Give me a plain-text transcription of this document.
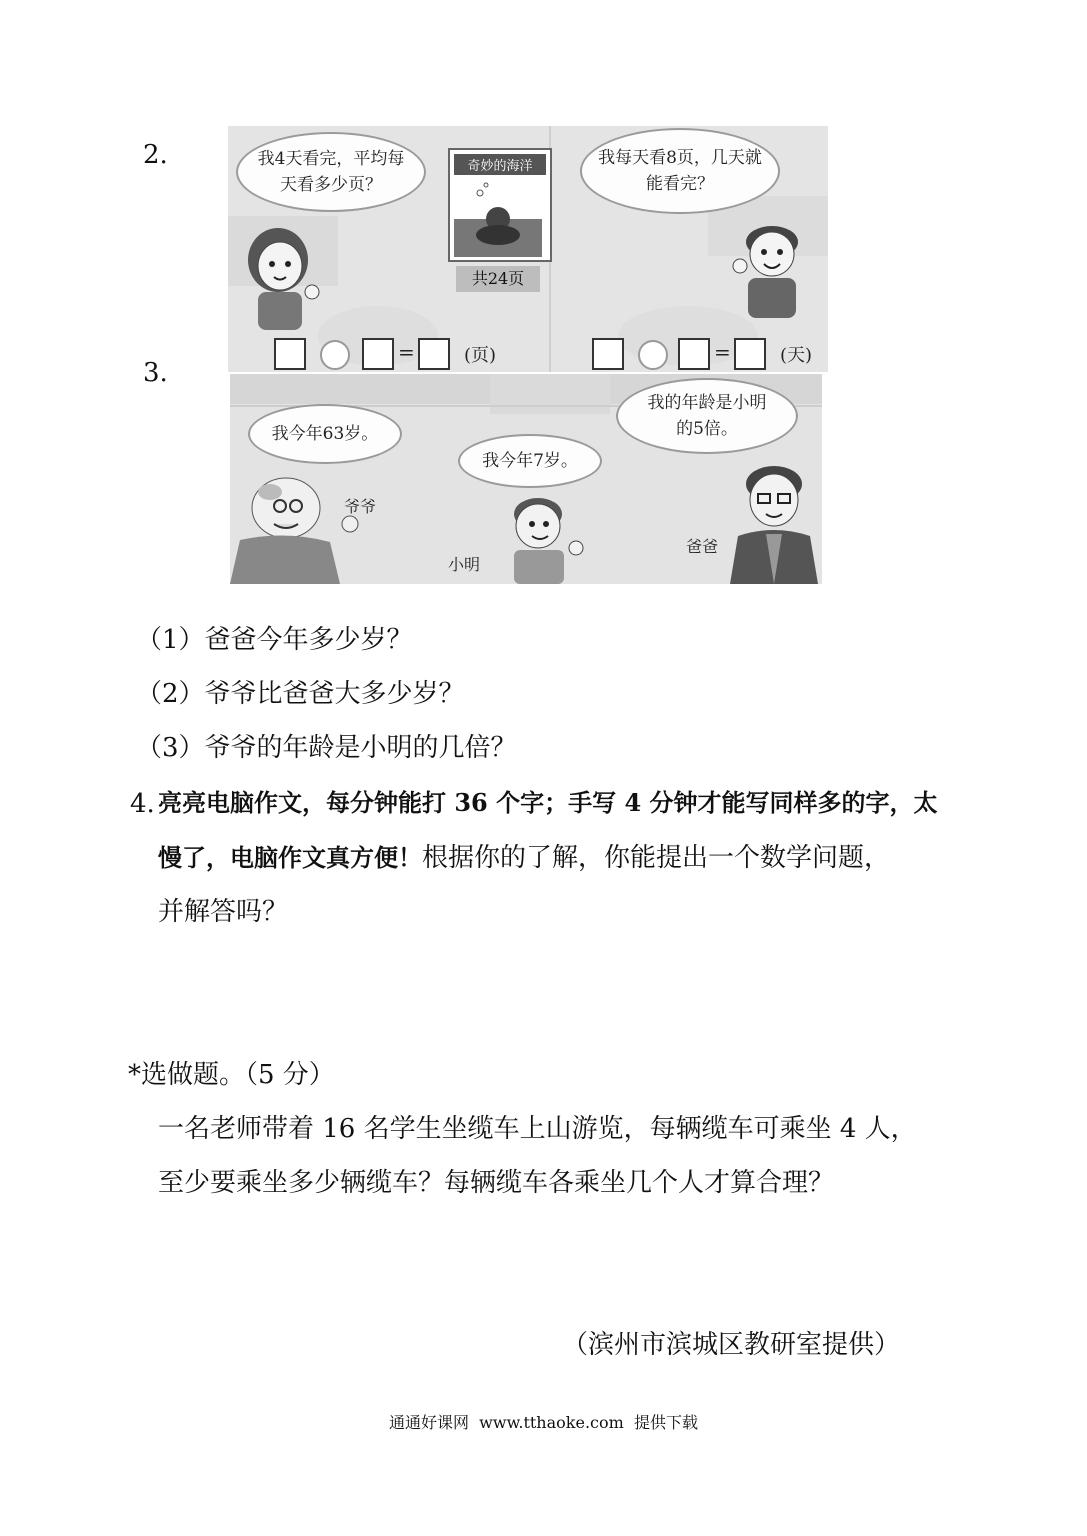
2.	我4天看完，平均每天看多少页？
奇妙的海洋
共24页
我每天看8页，几天就能看完？
=	(页)	=	(天)
3.
我今年63岁。
我今年7岁。
我的年龄是小明的5倍。
爷爷
小明
爸爸
（1）爸爸今年多少岁？
（2）爷爷比爸爸大多少岁？
（3）爷爷的年龄是小明的几倍？
4. 亮亮电脑作文，每分钟能打 36 个字；手写 4 分钟才能写同样多的字，太
慢了，电脑作文真方便！根据你的了解，你能提出一个数学问题，
并解答吗？
*选做题。（5 分）
一名老师带着 16 名学生坐缆车上山游览，每辆缆车可乘坐 4 人，
至少要乘坐多少辆缆车？每辆缆车各乘坐几个人才算合理？
（滨州市滨城区教研室提供）
通通好课网  www.tthaoke.com  提供下载
